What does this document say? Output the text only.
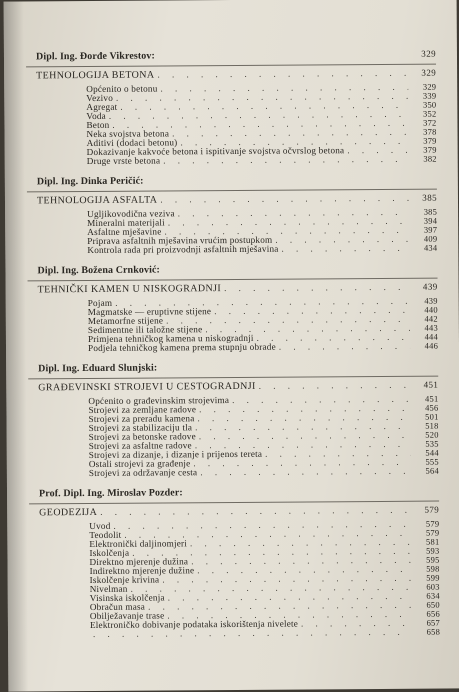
Dipl. Ing. Đorđe Vikrestov:	329
TEHNOLOGIJA BETONA . . .	329
Općenito o betonu . . .	329
Vezivo . . .	339
Agregat . . .	350
Voda . . .	352
Beton . . .	372
Neka svojstva betona . . .	378
Aditivi (dodaci betonu) . . .	379
Dokazivanje kakvoće betona i ispitivanje svojstva očvrslog betona . . .	379
Druge vrste betona . . .	382
Dipl. Ing. Dinka Peričić:
TEHNOLOGIJA ASFALTA . . .	385
Ugljikovodična veziva . . .	385
Mineralni materijali . . .	394
Asfaltne mješavine . . .	397
Priprava asfaltnih mješavina vrućim postupkom . . .	409
Kontrola rada pri proizvodnji asfaltnih mješavina . . .	434
Dipl. Ing. Božena Crnković:
TEHNIČKI KAMEN U NISKOGRADNJI . . .	439
Pojam . . .	439
Magmatske — eruptivne stijene . . .	440
Metamorfne stijene . . .	442
Sedimentne ili taložne stijene . . .	443
Primjena tehničkog kamena u niskogradnji . . .	444
Podjela tehničkog kamena prema stupnju obrade . . .	446
Dipl. Ing. Eduard Slunjski:
GRAĐEVINSKI STROJEVI U CESTOGRADNJI . . .	451
Općenito o građevinskim strojevima . . .	451
Strojevi za zemljane radove . . .	456
Strojevi za preradu kamena . . .	501
Strojevi za stabilizaciju tla . . .	518
Strojevi za betonske radove . . .	520
Strojevi za asfaltne radove . . .	535
Strojevi za dizanje, i dizanje i prijenos tereta . . .	544
Ostali strojevi za građenje . . .	555
Strojevi za održavanje cesta . . .	564
Prof. Dipl. Ing. Miroslav Pozder:
GEODEZIJA . . .	579
Uvod . . .	579
Teodolit . . .	579
Elektronički daljinomjeri . . .	581
Iskolčenja . . .	593
Direktno mjerenje dužina . . .	595
Indirektno mjerenje dužine . . .	598
Iskolčenje krivina . . .	599
Nivelman . . .	603
Visinska iskolčenja . . .	634
Obračun masa . . .	650
Obilježavanje trase . . .	656
Elektroničko dobivanje podataka iskorištenja nivelete . . .	657
. . .
658
